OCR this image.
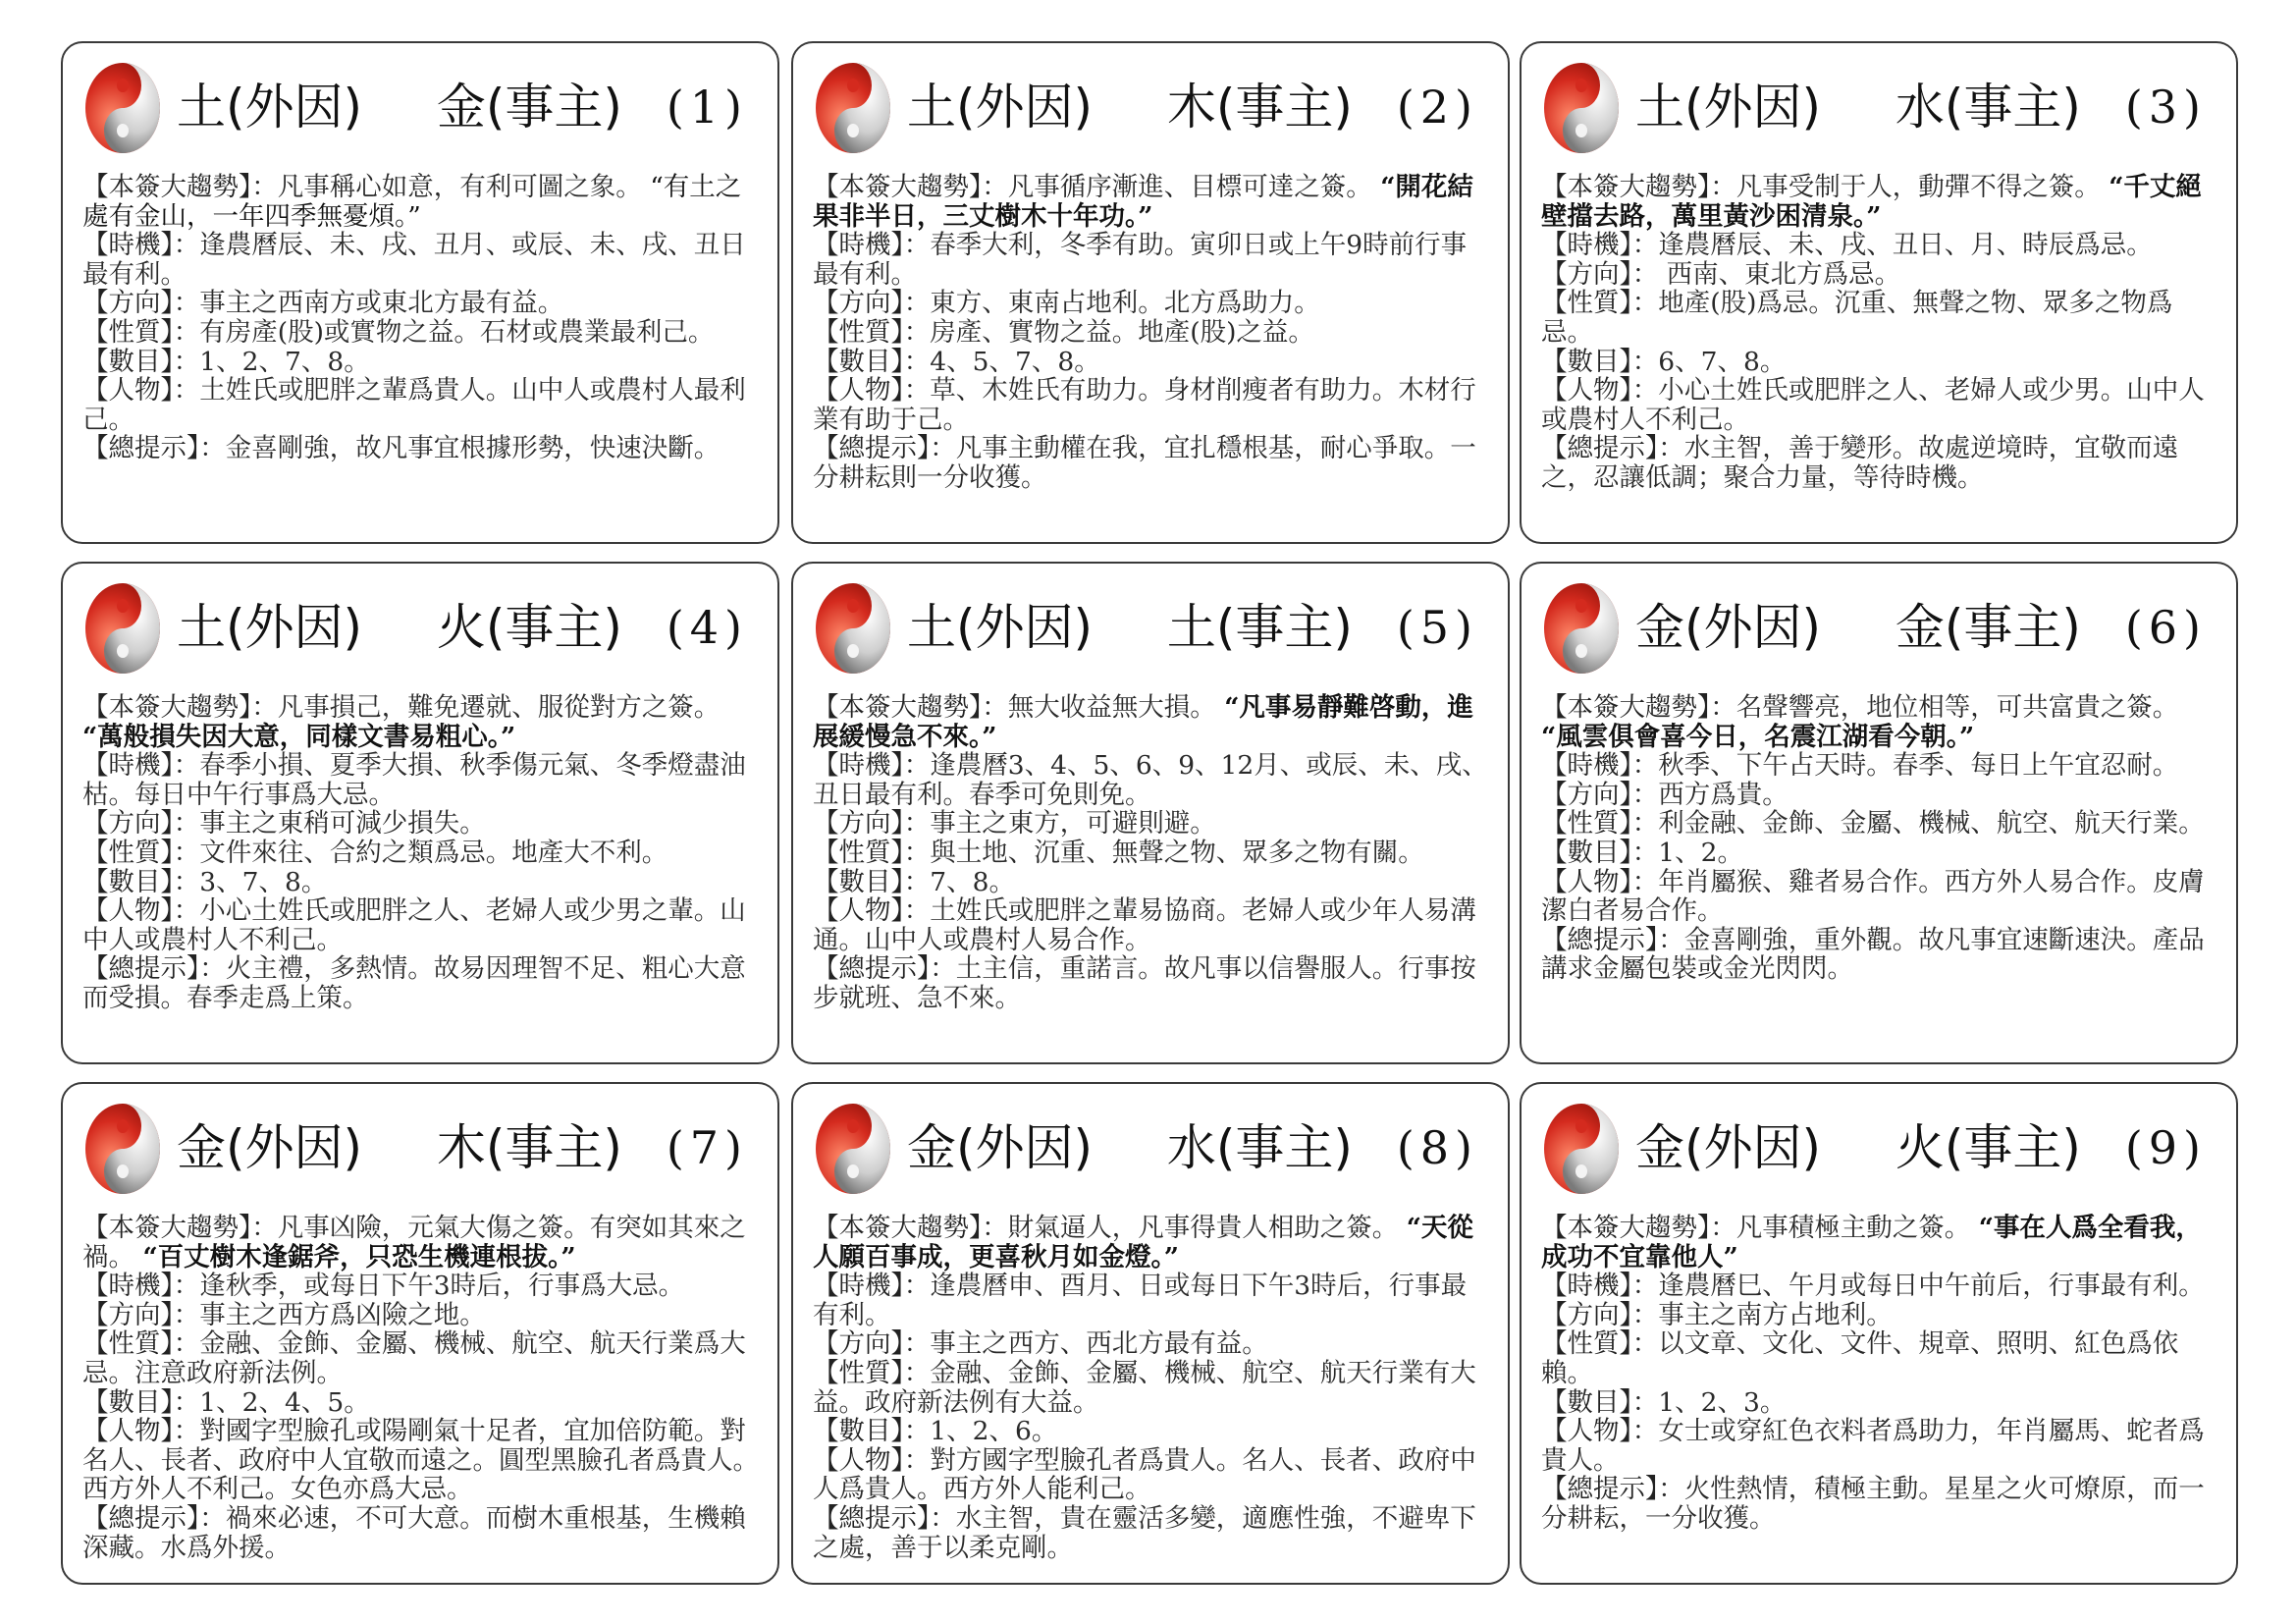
土(外因) 金(事主) (1)

【本簽大趨勢】：凡事稱心如意，有利可圖之象。 “有土之處有金山，一年四季無憂煩。”

【時機】：逢農曆辰、未、戌、丑月、或辰、未、戌、丑日最有利。

【方向】：事主之西南方或東北方最有益。

【性質】：有房產(股)或實物之益。石材或農業最利己。

【數目】：1、2、7、8。

【人物】：土姓氏或肥胖之輩爲貴人。山中人或農村人最利己。

【總提示】：金喜剛強，故凡事宜根據形勢，快速決斷。

土(外因) 木(事主) (2)

【本簽大趨勢】：凡事循序漸進、目標可達之簽。 “開花結果非半日，三丈樹木十年功。”

【時機】：春季大利，冬季有助。寅卯日或上午9時前行事最有利。

【方向】：東方、東南占地利。北方爲助力。

【性質】：房產、實物之益。地產(股)之益。

【數目】：4、5、7、8。

【人物】：草、木姓氏有助力。身材削瘦者有助力。木材行業有助于己。

【總提示】：凡事主動權在我，宜扎穩根基，耐心爭取。一分耕耘則一分收獲。

土(外因) 水(事主) (3)

【本簽大趨勢】：凡事受制于人，動彈不得之簽。 “千丈絕壁擋去路，萬里黃沙困清泉。”

【時機】：逢農曆辰、未、戌、丑日、月、時辰爲忌。

【方向】： 西南、東北方爲忌。

【性質】：地產(股)爲忌。沉重、無聲之物、眾多之物爲忌。

【數目】：6、7、8。

【人物】：小心土姓氏或肥胖之人、老婦人或少男。山中人或農村人不利己。

【總提示】：水主智，善于變形。故處逆境時，宜敬而遠之，忍讓低調；聚合力量，等待時機。

土(外因) 火(事主) (4)

【本簽大趨勢】：凡事損己，難免遷就、服從對方之簽。 “萬般損失因大意，同樣文書易粗心。”

【時機】：春季小損、夏季大損、秋季傷元氣、冬季燈盡油枯。每日中午行事爲大忌。

【方向】：事主之東稍可減少損失。

【性質】：文件來往、合約之類爲忌。地產大不利。

【數目】：3、7、8。

【人物】：小心土姓氏或肥胖之人、老婦人或少男之輩。山中人或農村人不利己。

【總提示】：火主禮，多熱情。故易因理智不足、粗心大意而受損。春季走爲上策。

土(外因) 土(事主) (5)

【本簽大趨勢】：無大收益無大損。 “凡事易靜難啓動，進展緩慢急不來。”

【時機】：逢農曆3、4、5、6、9、12月、或辰、未、戌、丑日最有利。春季可免則免。

【方向】：事主之東方，可避則避。

【性質】：與土地、沉重、無聲之物、眾多之物有關。

【數目】：7、8。

【人物】：土姓氏或肥胖之輩易協商。老婦人或少年人易溝通。山中人或農村人易合作。

【總提示】：土主信，重諾言。故凡事以信譽服人。行事按步就班、急不來。

金(外因) 金(事主) (6)

【本簽大趨勢】：名聲響亮，地位相等，可共富貴之簽。 “風雲俱會喜今日，名震江湖看今朝。”

【時機】：秋季、下午占天時。春季、每日上午宜忍耐。

【方向】：西方爲貴。

【性質】：利金融、金飾、金屬、機械、航空、航天行業。

【數目】：1、2。

【人物】：年肖屬猴、雞者易合作。西方外人易合作。皮膚潔白者易合作。

【總提示】：金喜剛強，重外觀。故凡事宜速斷速決。產品講求金屬包裝或金光閃閃。

金(外因) 木(事主) (7)

【本簽大趨勢】：凡事凶險，元氣大傷之簽。有突如其來之禍。 “百丈樹木逢鋸斧，只恐生機連根拔。”

【時機】：逢秋季，或每日下午3時后，行事爲大忌。

【方向】：事主之西方爲凶險之地。

【性質】：金融、金飾、金屬、機械、航空、航天行業爲大忌。注意政府新法例。

【數目】：1、2、4、5。

【人物】：對國字型臉孔或陽剛氣十足者，宜加倍防範。對名人、長者、政府中人宜敬而遠之。圓型黑臉孔者爲貴人。西方外人不利己。女色亦爲大忌。

【總提示】：禍來必速，不可大意。而樹木重根基，生機賴深藏。水爲外援。

金(外因) 水(事主) (8)

【本簽大趨勢】：財氣逼人，凡事得貴人相助之簽。 “天從人願百事成，更喜秋月如金燈。”

【時機】：逢農曆申、酉月、日或每日下午3時后，行事最有利。

【方向】：事主之西方、西北方最有益。

【性質】：金融、金飾、金屬、機械、航空、航天行業有大益。政府新法例有大益。

【數目】：1、2、6。

【人物】：對方國字型臉孔者爲貴人。名人、長者、政府中人爲貴人。西方外人能利己。

【總提示】：水主智，貴在靈活多變，適應性強，不避卑下之處，善于以柔克剛。

金(外因) 火(事主) (9)

【本簽大趨勢】：凡事積極主動之簽。 “事在人爲全看我，成功不宜靠他人”

【時機】：逢農曆巳、午月或每日中午前后，行事最有利。

【方向】：事主之南方占地利。

【性質】：以文章、文化、文件、規章、照明、紅色爲依賴。

【數目】：1、2、3。

【人物】：女士或穿紅色衣料者爲助力，年肖屬馬、蛇者爲貴人。

【總提示】：火性熱情，積極主動。星星之火可燎原，而一分耕耘，一分收獲。
